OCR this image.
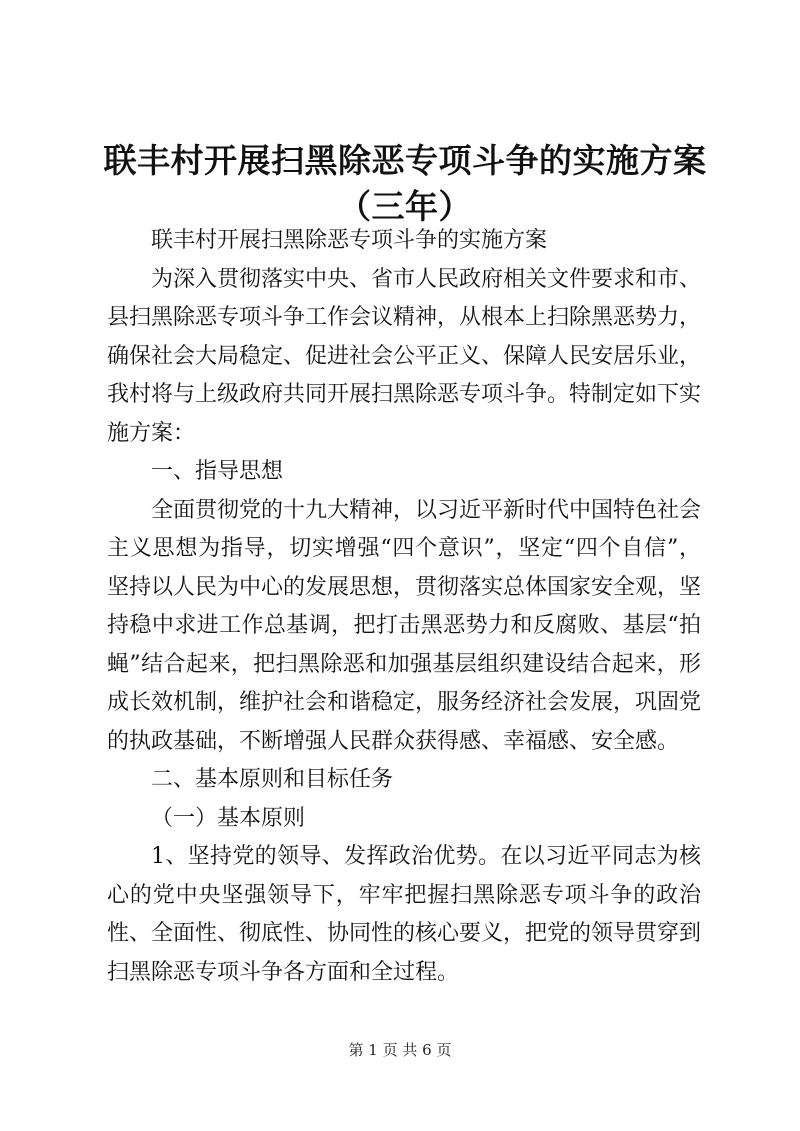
联丰村开展扫黑除恶专项斗争的实施方案（三年）

联丰村开展扫黑除恶专项斗争的实施方案

为深入贯彻落实中央、省市人民政府相关文件要求和市、县扫黑除恶专项斗争工作会议精神，从根本上扫除黑恶势力，确保社会大局稳定、促进社会公平正义、保障人民安居乐业，我村将与上级政府共同开展扫黑除恶专项斗争。特制定如下实施方案：

一、指导思想

全面贯彻党的十九大精神，以习近平新时代中国特色社会主义思想为指导，切实增强“四个意识”，坚定“四个自信”，坚持以人民为中心的发展思想，贯彻落实总体国家安全观，坚持稳中求进工作总基调，把打击黑恶势力和反腐败、基层“拍蝇”结合起来，把扫黑除恶和加强基层组织建设结合起来，形成长效机制，维护社会和谐稳定，服务经济社会发展，巩固党的执政基础，不断增强人民群众获得感、幸福感、安全感。

二、基本原则和目标任务

（一）基本原则

1、坚持党的领导、发挥政治优势。在以习近平同志为核心的党中央坚强领导下，牢牢把握扫黑除恶专项斗争的政治性、全面性、彻底性、协同性的核心要义，把党的领导贯穿到扫黑除恶专项斗争各方面和全过程。

第 1 页 共 6 页
